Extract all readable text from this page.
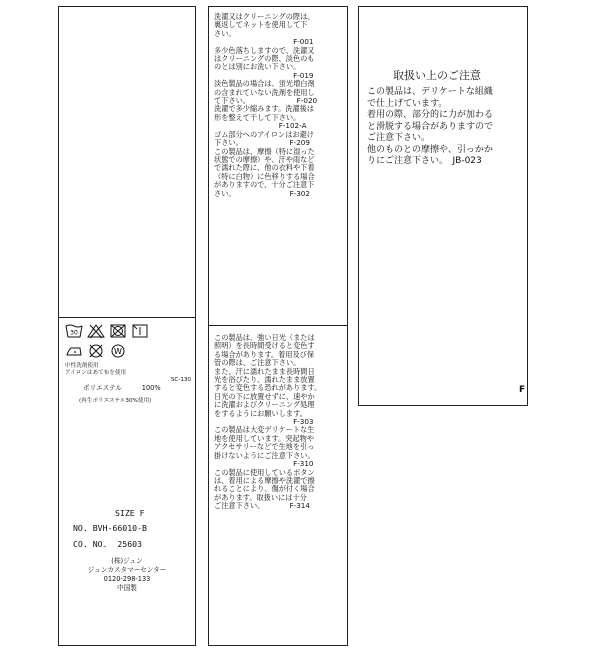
30
W
中性洗剤使用
アイロンはあて布を使用
SC-130
ポリエステル　　　100%
(再生ポリエステル30%使用)
SIZE F
NO. BVH-66010-B
CO. NO.  25603
(株)ジュン
ジュンカスタマーセンター
0120-298-133
中国製
洗濯又はクリーニングの際は、
裏返してネットを使用して下
さい。
　　　　　　　　　　　F-001
多少色落ちしますので、洗濯又
はクリーニングの際、淡色のも
のとは別にお洗い下さい。
　　　　　　　　　　　F-019
淡色製品の場合は、蛍光増白剤
の含まれていない洗剤を使用し
て下さい。　　　　　　　F-020
洗濯で多少縮みます。洗濯後は
形を整えて干して下さい。
　　　　　　　　　F-102-A
ゴム部分へのアイロンはお避け
下さい。　　　　　　　F-209
この製品は、摩擦（特に湿った
状態での摩擦）や、汗や雨など
で濡れた際に、他の衣料や下着
（特に白物）に色移りする場合
がありますので、十分ご注意下
さい。　　　　　　　　F-302
この製品は、強い日光（または
照明）を長時間受けると変色す
る場合があります。着用及び保
管の際は、ご注意下さい。
また、汗に濡れたまま長時間日
光を浴びたり、濡れたまま放置
すると変色する恐れがあります。
日光の下に放置せずに、速やか
に洗濯およびクリーニング処理
をするようにお願いします。
　　　　　　　　　　　F-303
この製品は大変デリケートな生
地を使用しています。突起物や
アクセサリーなどで生地を引っ
掛けないようにご注意下さい。
　　　　　　　　　　　F-310
この製品に使用しているボタン
は、着用による摩擦や洗濯で擦
れることにより、傷が付く場合
があります。取扱いには十分
ご注意下さい。　　　　F-314
取扱い上のご注意
この製品は、デリケートな組織
で仕上げています。
着用の際、部分的に力が加わる
と滑脱する場合がありますので
ご注意下さい。
他のものとの摩擦や、引っかか
りにご注意下さい。　JB-023
F
